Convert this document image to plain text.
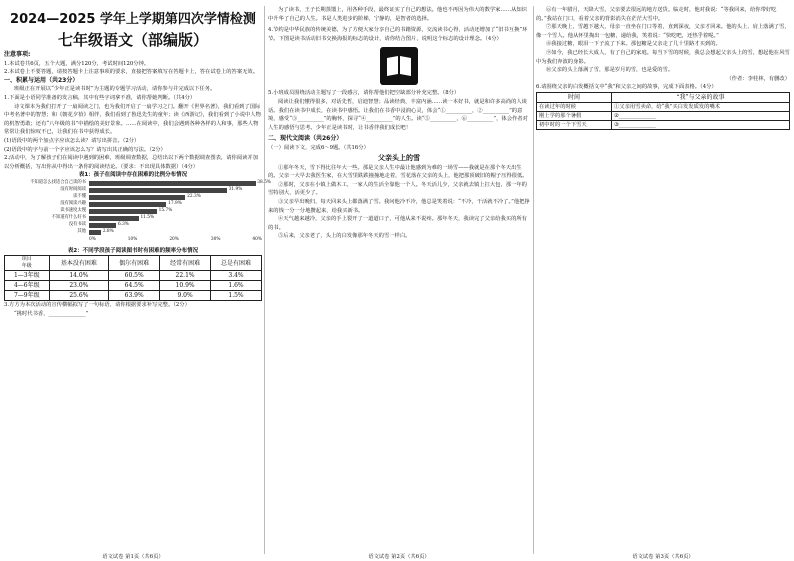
2024—2025 学年上学期第四次学情检测
七年级语文（部编版）
注意事项:

1.本试卷共6页，五个大题，满分120分，考试时间120分钟。

2.本试卷上不要答题，请按答题卡上注意事项的要求，直接把答案填写在答题卡上，答在试卷上的答案无效。

一、积累与运用（共23分）

班级正在开展以“少年正是读书时”为主题的专题学习活动，请你参与并完成以下任务。

1.下面是小语同学准备的发言稿，其中有些字词拿不准，请你帮她判断。（共4分）

诗文课本为我们打开了一扇阅读之门，也为我们开启了一扇学习之门。翻开《世界名著》，我们看到了国际中考名著中的智慧；和《朝花夕拾》相伴，我们看到了鲁迅先生的童年；读《西游记》，我们看到了小说中人物的机智勇敢；还有“八年级的书”中描绘的美好景象。……在阅读中，我们会遇到各种各样的人和事，那些人物常常让我们惊叹不已，让我们在书中获得成长。

(1)语段中的两个加点字应该怎么读？请写出拼音。（2分）

(2)语段中的字与前一个字应该怎么写？请写出其正确的写法。（2分）

2.活动中，为了解孩子们在阅读中遇到的困难，班级调查数据，总结出以下两个数据调查图表，请你阅读并加以分析概括，写出你从中得出一条你的阅读结论。（要求：不出现具体数据）（4分）

表1：孩子在阅读中存在困难的比例分布情况
不知道怎么找适合自己读的书	38.5%
没有时间阅读	31.9%
读不懂	22.3%
没有阅读兴趣	17.9%
读书速度太慢	15.7%
不知道有什么好书	11.5%
没有书读	6.3%
其他	2.8%
0%	10%	20%	30%	40%
表2：不同学段孩子阅读图书时有困难的频率分布情况
项目
年级	基本没有困难	偶尔有困难	经常有困难	总是有困难
1—3年级	14.0%	60.5%	22.1%	3.4%
4—6年级	23.0%	64.5%	10.9%	1.6%
7—9年级	25.6%	63.9%	9.0%	1.5%

3.方方为本次活动的宣传横幅拟写了一句标语，请你根据要求补写完整。（2分）

“挑时代书香，______________”

语文试卷 第1页（共6页）

为了读书，王子长期蒸馏上，用各种手段，最终证实了自己的想法。他也不再因为伟大的数学家……从知识中升华了自己的人生。书是人类进步的阶梯，宁静的，是智者的选择。

4.节约是中华民族的传统美德，为了方便大家分享自己的书籍资源，交流读书心得，活动还增加了“旧书互换”环节。下图是读书活动旧书交换海报的标志的设计，请你结合图片，说明这个标志的设计理念。（4分）

5.小班成员围绕活动主题写了一段感言，请你帮他们把空缺部分补充完整。（8分）

阅读让我们懂得很多，对话先哲，启迪智慧；品读经典，丰富内涵……读一本好书，就是和许多高尚的人谈话。我们在读书中成长，在读书中感悟。让我们在书香中浸润心灵，体会“①__________，②__________”的意境，感受“③__________”的胸怀，探寻“④__________”的人生。读“⑤__________，⑥__________”，体会作者对人生的感悟与思考。少年正是读书时，让书香伴我们成长吧！

二、现代文阅读（共26分）

（一）阅读下文，完成6～9题。（共16分）

父亲头上的雪

①那年冬天，雪下得比往年大一些。那是父亲人生中最让他感到为难的一场雪——我就是在那个冬天出生的。父亲一大早去我医生家，在大雪里跌跌撞撞地走着，雪花落在父亲的头上，他把那顶破旧的帽子压得很低。

②那时，父亲在小镇上做木工，一家人的生活全靠他一个人。冬天活儿少，父亲就去镇上扛大包，那一年的雪特别大，活更少了。

③父亲早出晚归，每天回来头上都落满了雪。我问他冷不冷，他总是笑着说：“不冷，干活就不冷了。”他把挣来的钱一分一分地攒起来，给我买新书。

④天气越来越冷，父亲的手上裂开了一道道口子，可他从来不说疼。那年冬天，我读完了父亲给我买的所有的书。

⑤后来，父亲老了，头上的白发像那年冬天的雪一样白。

语文试卷 第2页（共6页）

⑥有一年腊月，天降大雪，父亲要去很远的地方送货。临走时，他对我说：“等我回来，给你带好吃的。”我站在门口，看着父亲的背影消失在茫茫大雪中。

⑦那天晚上，雪越下越大，母亲一直坐在门口等着，直到深夜，父亲才回来。他的头上、肩上落满了雪，像一个雪人。他从怀里掏出一包糖，递给我，笑着说：“快吃吧，还热乎着呢。”

⑧我接过糖，眼泪一下子流了下来。那包糖是父亲走了几十里路才买到的。

⑨如今，我已经长大成人，有了自己的家庭。每当下雪的时候，我总会想起父亲头上的雪，想起他在风雪中为我们奔波的身影。

⑩父亲的头上落满了雪，那是岁月的雪，也是爱的雪。

（作者：李桂林，有删改）

6.请围绕父亲的白发概括文中“我”和父亲之间的故事，完成下面表格。（4分）

时间	“我”与父亲的故事
在读过年的时候	①父亲用雪卖命，给“我”买白发发质发的嘴术
刚上学的那个暑假	②______________
初中时的一个下雪天	③______________
语文试卷 第3页（共6页）
